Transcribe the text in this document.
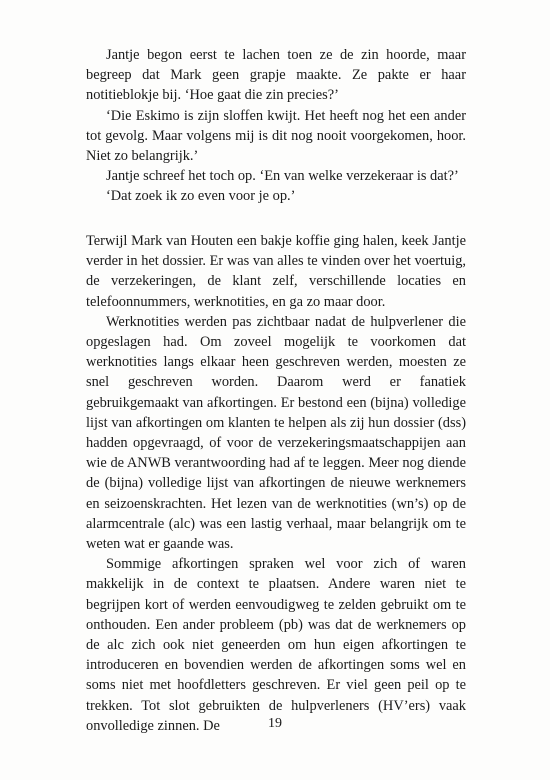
Jantje begon eerst te lachen toen ze de zin hoorde, maar begreep dat Mark geen grapje maakte. Ze pakte er haar notitieblokje bij. ‘Hoe gaat die zin precies?’

‘Die Eskimo is zijn sloffen kwijt. Het heeft nog het een ander tot gevolg. Maar volgens mij is dit nog nooit voorgekomen, hoor. Niet zo belangrijk.’

Jantje schreef het toch op. ‘En van welke verzekeraar is dat?’

‘Dat zoek ik zo even voor je op.’

Terwijl Mark van Houten een bakje koffie ging halen, keek Jantje verder in het dossier. Er was van alles te vinden over het voertuig, de verzekeringen, de klant zelf, verschillende locaties en telefoonnummers, werknotities, en ga zo maar door.

Werknotities werden pas zichtbaar nadat de hulpverlener die opgeslagen had. Om zoveel mogelijk te voorkomen dat werknotities langs elkaar heen geschreven werden, moesten ze snel geschreven worden. Daarom werd er fanatiek gebruikgemaakt van afkortingen. Er bestond een (bijna) volledige lijst van afkortingen om klanten te helpen als zij hun dossier (dss) hadden opgevraagd, of voor de verzekeringsmaatschappijen aan wie de ANWB verantwoording had af te leggen. Meer nog diende de (bijna) volledige lijst van afkortingen de nieuwe werknemers en seizoenskrachten. Het lezen van de werknotities (wn’s) op de alarmcentrale (alc) was een lastig verhaal, maar belangrijk om te weten wat er gaande was.

Sommige afkortingen spraken wel voor zich of waren makkelijk in de context te plaatsen. Andere waren niet te begrijpen kort of werden eenvoudigweg te zelden gebruikt om te onthouden. Een ander probleem (pb) was dat de werknemers op de alc zich ook niet geneerden om hun eigen afkortingen te introduceren en bovendien werden de afkortingen soms wel en soms niet met hoofdletters geschreven. Er viel geen peil op te trekken. Tot slot gebruikten de hulpverleners (HV’ers) vaak onvolledige zinnen. De	19
